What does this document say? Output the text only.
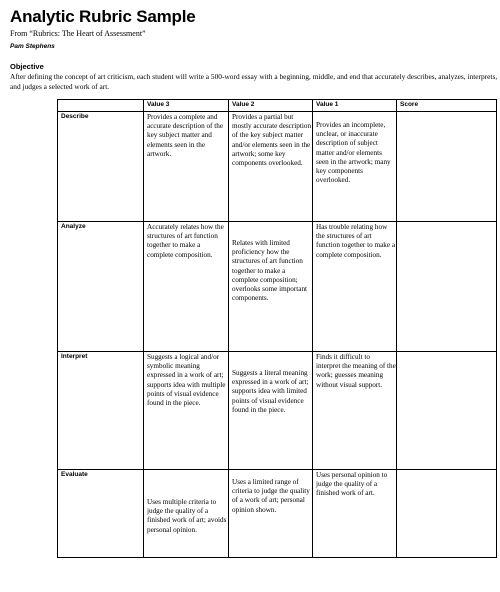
Analytic Rubric Sample
From “Rubrics: The Heart of Assessment”
Pam Stephens
Objective
After defining the concept of art criticism, each student will write a 500-word essay with a beginning, middle, and end that accurately describes, analyzes, interprets, and judges a selected work of art.
	Value 3	Value 2	Value 1	Score
Describe	Provides a complete and accurate description of the key subject matter and elements seen in the artwork.	Provides a partial but mostly accurate description of the key subject matter and/or elements seen in the artwork; some key components overlooked.	Provides an incomplete, unclear, or inaccurate description of subject matter and/or elements seen in the artwork; many key components overlooked.	

Analyze	Accurately relates how the structures of art function together to make a complete composition.	Relates with limited proficiency how the structures of art function together to make a complete composition; overlooks some important components.	Has trouble relating how the structures of art function together to make a complete composition.	

Interpret	Suggests a logical and/or symbolic meaning expressed in a work of art; supports idea with multiple points of visual evidence found in the piece.	Suggests a literal meaning expressed in a work of art; supports idea with limited points of visual evidence found in the piece.	Finds it difficult to interpret the meaning of the work; guesses meaning without visual support.	

Evaluate	Uses multiple criteria to judge the quality of a finished work of art; avoids personal opinion.	Uses a limited range of criteria to judge the quality of a work of art; personal opinion shown.	Uses personal opinion to judge the quality of a finished work of art.	
